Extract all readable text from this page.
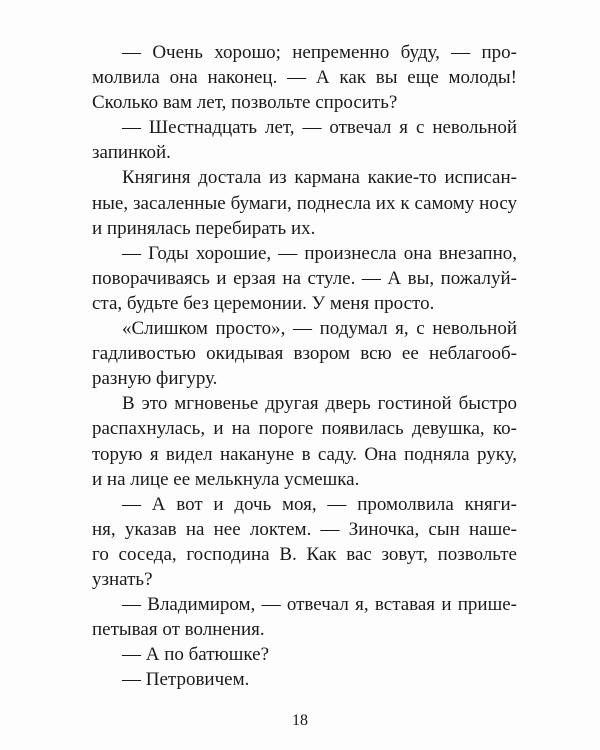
— Очень хорошо; непременно буду, — про-
молвила она наконец. — А как вы еще молоды!
Сколько вам лет, позвольте спросить?

— Шестнадцать лет, — отвечал я с невольной
запинкой.

Княгиня достала из кармана какие-то исписан-
ные, засаленные бумаги, поднесла их к самому носу
и принялась перебирать их.

— Годы хорошие, — произнесла она внезапно,
поворачиваясь и ерзая на стуле. — А вы, пожалуй-
ста, будьте без церемонии. У меня просто.

«Слишком просто», — подумал я, с невольной
гадливостью окидывая взором всю ее неблагооб-
разную фигуру.

В это мгновенье другая дверь гостиной быстро
распахнулась, и на пороге появилась девушка, ко-
торую я видел накануне в саду. Она подняла руку,
и на лице ее мелькнула усмешка.

— А вот и дочь моя, — промолвила княги-
ня, указав на нее локтем. — Зиночка, сын наше-
го соседа, господина В. Как вас зовут, позвольте
узнать?

— Владимиром, — отвечал я, вставая и прише-
петывая от волнения.

— А по батюшке?

— Петровичем.

18
